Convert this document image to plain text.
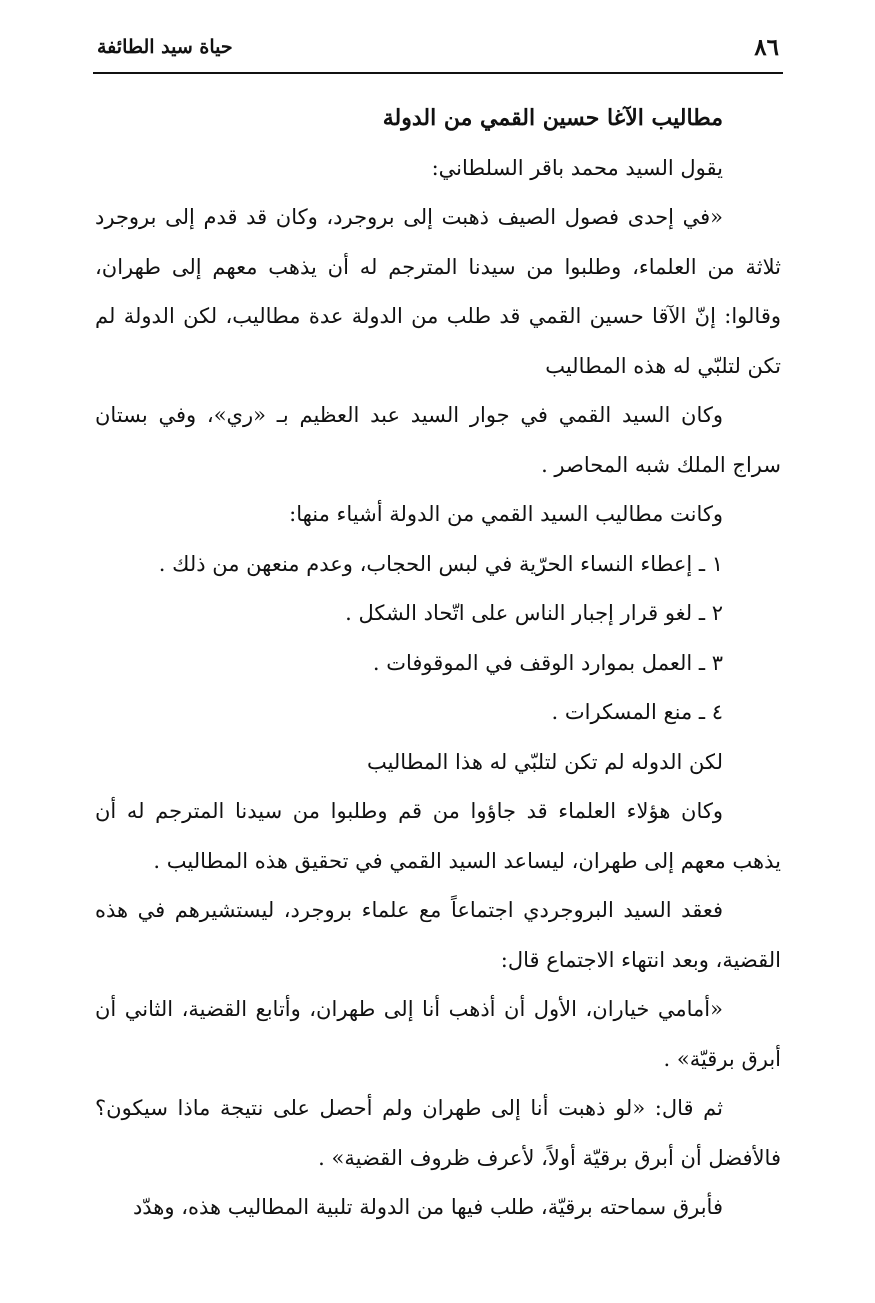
٨٦
حياة سيد الطائفة

مطاليب الآغا حسين القمي من الدولة

يقول السيد محمد باقر السلطاني:

«في إحدى فصول الصيف ذهبت إلى بروجرد، وكان قد قدم إلى بروجرد ثلاثة من العلماء، وطلبوا من سيدنا المترجم له أن يذهب معهم إلى طهران، وقالوا: إنّ الآقا حسين القمي قد طلب من الدولة عدة مطاليب، لكن الدولة لم تكن لتلبّي له هذه المطاليب

وكان السيد القمي في جوار السيد عبد العظيم بـ «ري»، وفي بستان سراج الملك شبه المحاصر .

وكانت مطاليب السيد القمي من الدولة أشياء منها:

١ ـ إعطاء النساء الحرّية في لبس الحجاب، وعدم منعهن من ذلك .

٢ ـ لغو قرار إجبار الناس على اتّحاد الشكل .

٣ ـ العمل بموارد الوقف في الموقوفات .

٤ ـ منع المسكرات .

لكن الدوله لم تكن لتلبّي له هذا المطاليب

وكان هؤلاء العلماء قد جاؤوا من قم وطلبوا من سيدنا المترجم له أن يذهب معهم إلى طهران، ليساعد السيد القمي في تحقيق هذه المطاليب .

فعقد السيد البروجردي اجتماعاً مع علماء بروجرد، ليستشيرهم في هذه القضية، وبعد انتهاء الاجتماع قال:

«أمامي خياران، الأول أن أذهب أنا إلى طهران، وأتابع القضية، الثاني أن أبرق برقيّة» .

ثم قال: «لو ذهبت أنا إلى طهران ولم أحصل على نتيجة ماذا سيكون؟ فالأفضل أن أبرق برقيّة أولاً، لأعرف ظروف القضية» .

فأبرق سماحته برقيّة، طلب فيها من الدولة تلبية المطاليب هذه، وهدّد
